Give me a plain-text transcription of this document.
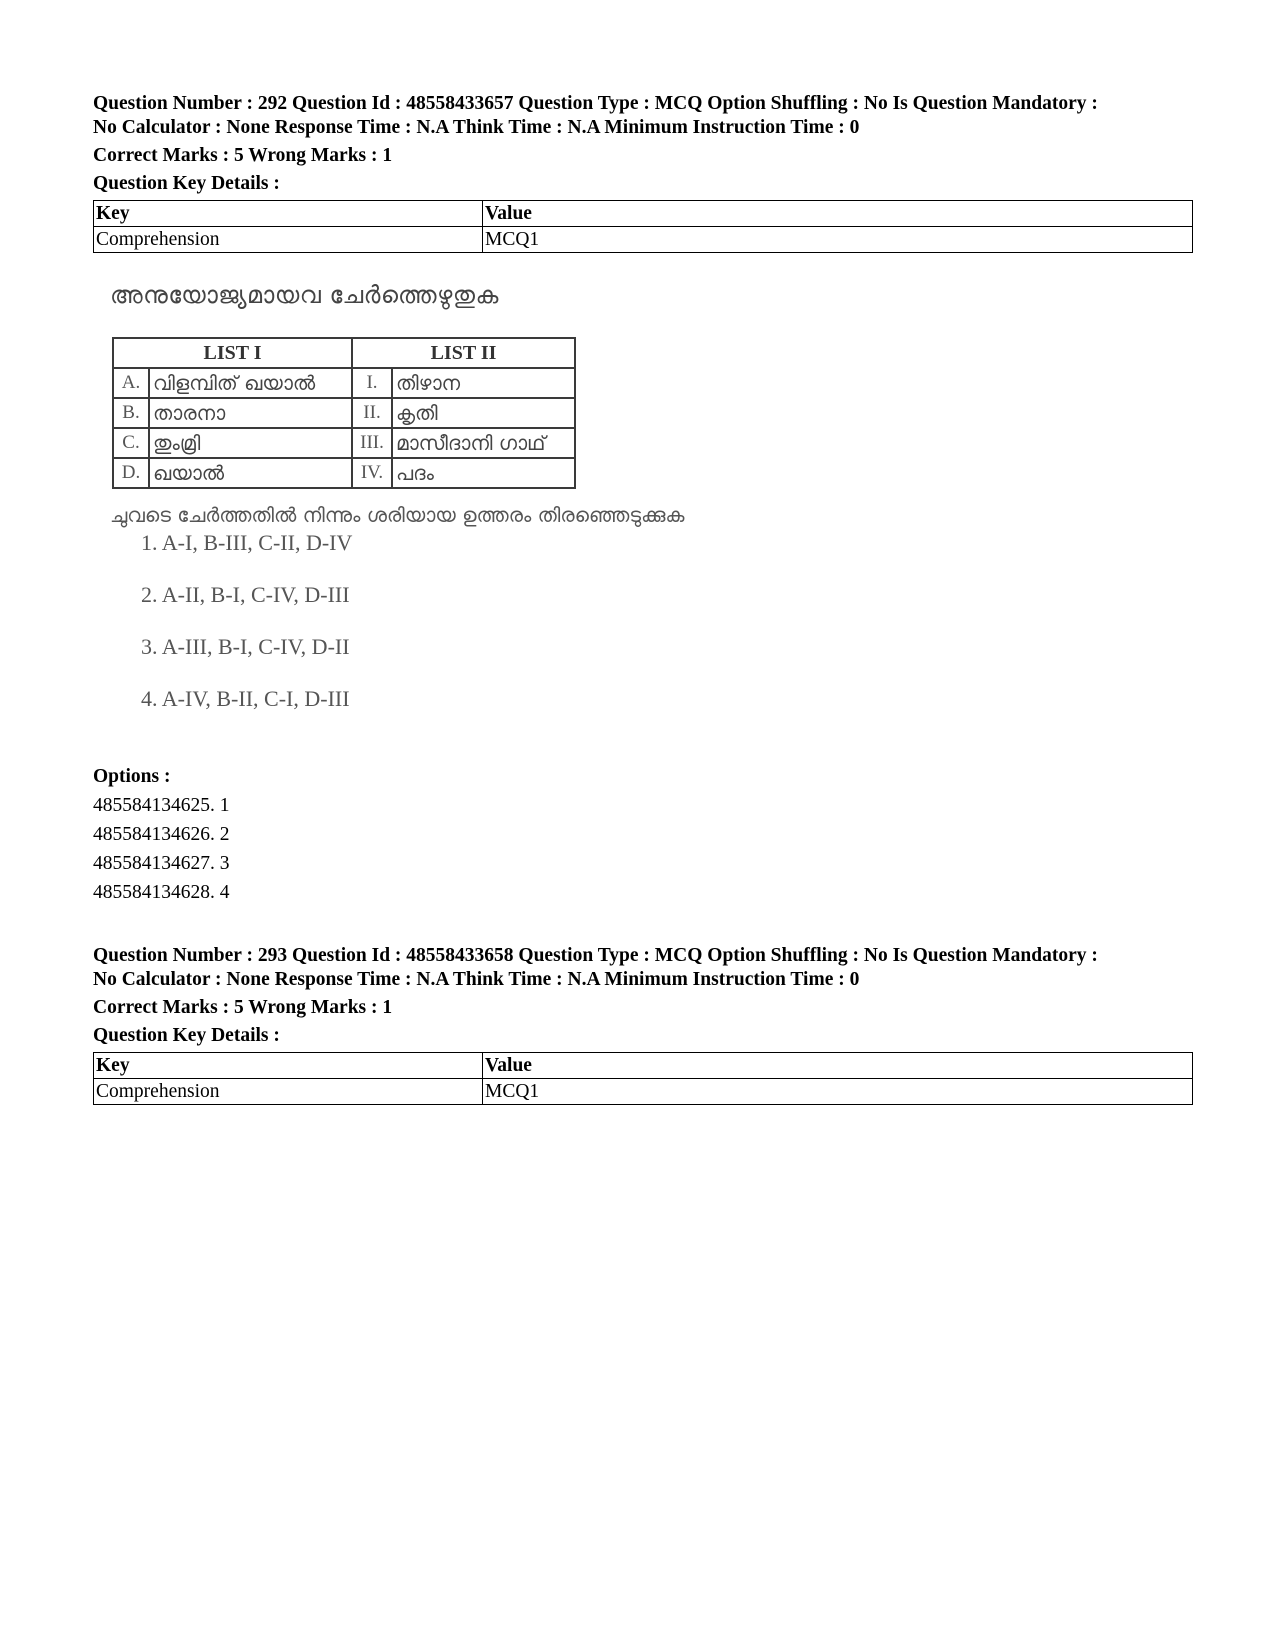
Question Number : 292 Question Id : 48558433657 Question Type : MCQ Option Shuffling : No Is Question Mandatory :
No Calculator : None Response Time : N.A Think Time : N.A Minimum Instruction Time : 0
Correct Marks : 5 Wrong Marks : 1
Question Key Details :
Key	Value
Comprehension	MCQ1
അനുയോജ്യമായവ ചേർത്തെഴുതുക
LIST I		LIST II	
A.	വിളമ്പിത് ഖയാൽ	I.	തിഴാന
B.	താരനാ	II.	കൃതി
C.	തുംമ്രി	III.	മാസീദാനി ഗാഥ്
D.	ഖയാൽ	IV.	പദം
ചുവടെ ചേർത്തതിൽ നിന്നും ശരിയായ ഉത്തരം തിരഞ്ഞെടുക്കുക
1. A-I, B-III, C-II, D-IV
2. A-II, B-I, C-IV, D-III
3. A-III, B-I, C-IV, D-II
4. A-IV, B-II, C-I, D-III
Options :
485584134625. 1
485584134626. 2
485584134627. 3
485584134628. 4
Question Number : 293 Question Id : 48558433658 Question Type : MCQ Option Shuffling : No Is Question Mandatory :
No Calculator : None Response Time : N.A Think Time : N.A Minimum Instruction Time : 0
Correct Marks : 5 Wrong Marks : 1
Question Key Details :
Key	Value
Comprehension	MCQ1
